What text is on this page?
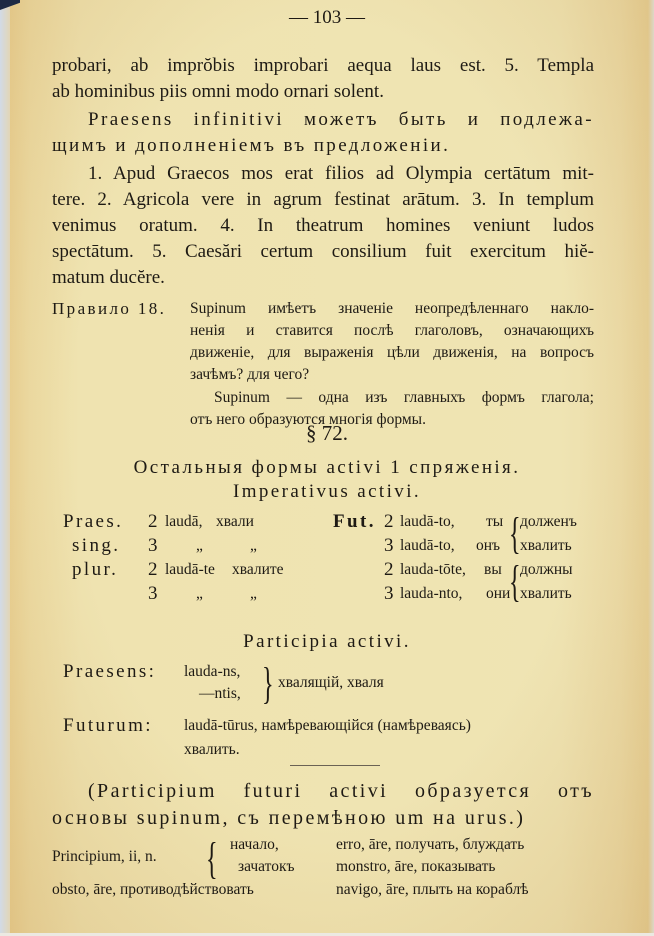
— 103 —
probari, ab imprŏbis improbari aequa laus est. 5. Templa
ab hominibus piis omni modo ornari solent.
Praesens infinitivi можетъ быть и подлежа-
щимъ и дополненіемъ въ предложеніи.
1. Apud Graecos mos erat filios ad Olympia certātum mit-
tere. 2. Agricola vere in agrum festinat arātum. 3. In templum
venimus oratum. 4. In theatrum homines veniunt ludos
spectātum. 5. Caesări certum consilium fuit exercitum hiĕ-
matum ducĕre.
Правило 18. Supinum имѣетъ значеніе неопредѣленнаго накло-
ненія и ставится послѣ глаголовъ, означающихъ
движеніе, для выраженія цѣли движенія, на вопросъ
зачѣмъ? для чего?
Supinum — одна изъ главныхъ формъ глагола;
отъ него образуются многія формы.
§ 72.
Остальныя формы activi 1 спряженія.
Imperativus activi.
Praes.
sing.
plur.
2
3
2
3
laudā,
„
laudā-te
„
хвали
„
хвалите
„
Fut. 2
3
2
3
laudā-to,
laudā-to,
lauda-tōte,
lauda-nto,
ты
онъ
вы
они
{
{
долженъ
хвалить
должны
хвалить
Participia activi.
Praesens: lauda-ns,
—ntis, } хвалящій, хваля
Futurum: laudā-tūrus, намѣревающійся (намѣреваясь)
хвалить.
(Participium futuri activi образуется отъ
основы supinum, съ перемѣною um на urus.)
Principium, ii, n. { начало,
зачатокъ
erro, āre, получать, блуждать
monstro, āre, показывать
obsto, āre, противодѣйствовать	navigo, āre, плыть на кораблѣ
